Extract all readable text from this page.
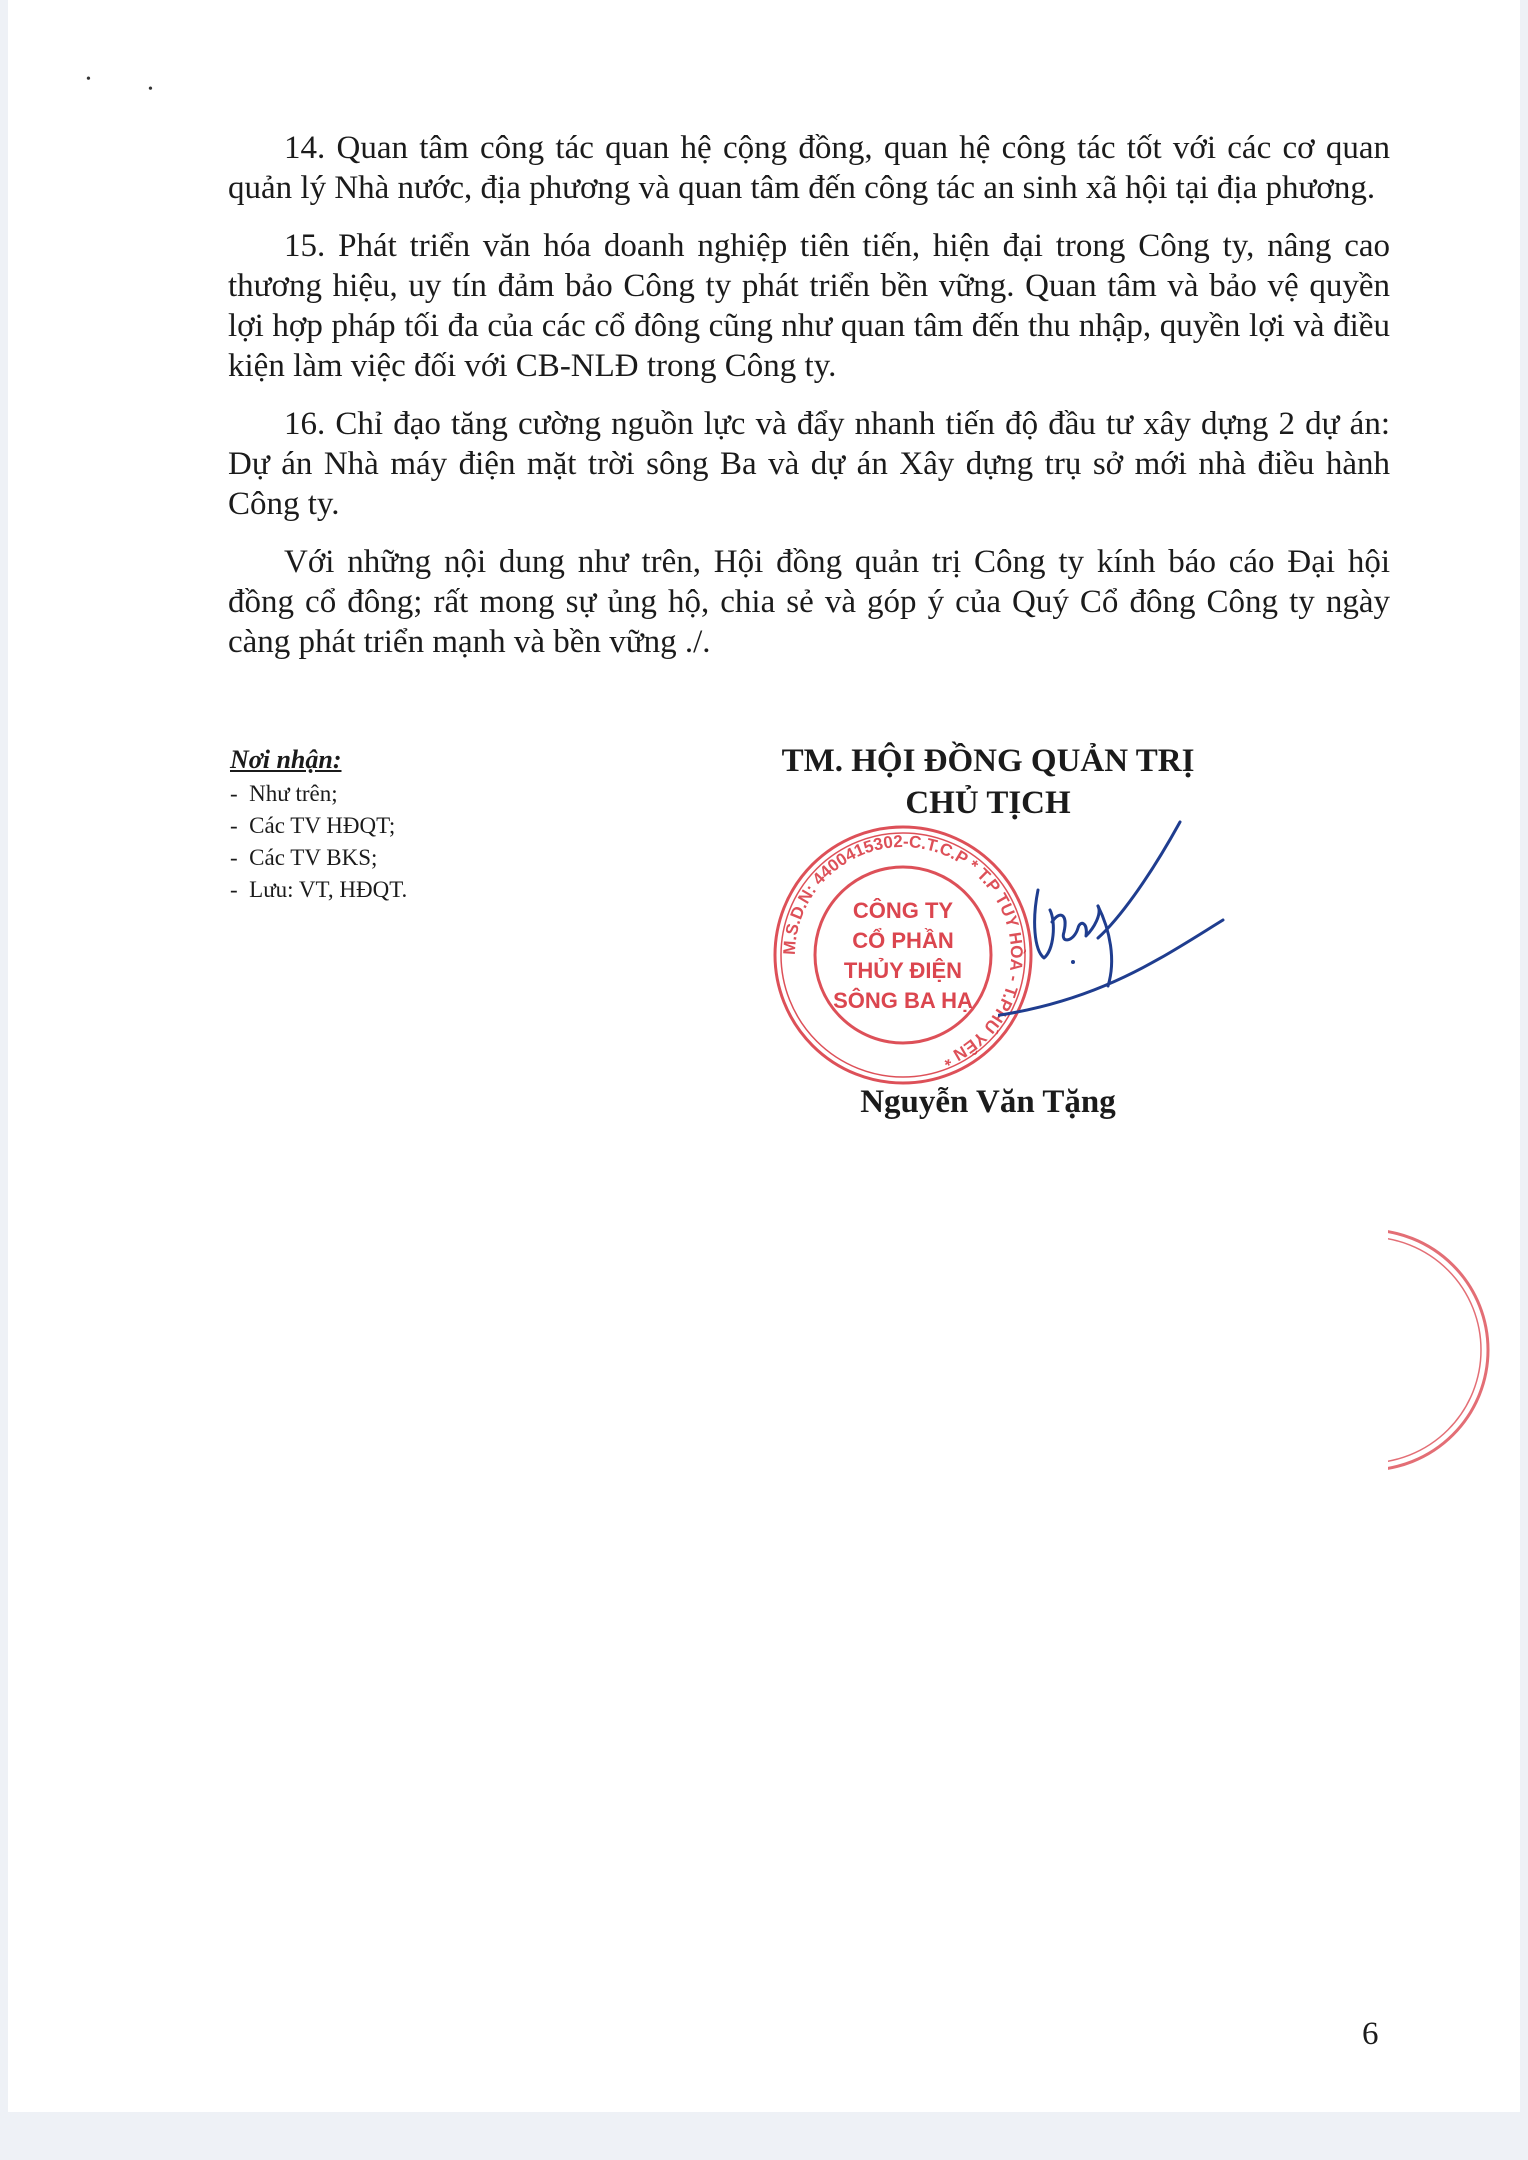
•
•

14. Quan tâm công tác quan hệ cộng đồng, quan hệ công tác tốt với các cơ quan quản lý Nhà nước, địa phương và quan tâm đến công tác an sinh xã hội tại địa phương.

15. Phát triển văn hóa doanh nghiệp tiên tiến, hiện đại trong Công ty, nâng cao thương hiệu, uy tín đảm bảo Công ty phát triển bền vững. Quan tâm và bảo vệ quyền lợi hợp pháp tối đa của các cổ đông cũng như quan tâm đến thu nhập, quyền lợi và điều kiện làm việc đối với CB-NLĐ trong Công ty.

16. Chỉ đạo tăng cường nguồn lực và đẩy nhanh tiến độ đầu tư xây dựng 2 dự án: Dự án Nhà máy điện mặt trời sông Ba và dự án Xây dựng trụ sở mới nhà điều hành Công ty.

Với những nội dung như trên, Hội đồng quản trị Công ty kính báo cáo Đại hội đồng cổ đông; rất mong sự ủng hộ, chia sẻ và góp ý của Quý Cổ đông Công ty ngày càng phát triển mạnh và bền vững ./.

Nơi nhận:
- Như trên;
- Các TV HĐQT;
- Các TV BKS;
- Lưu: VT, HĐQT.
TM. HỘI ĐỒNG QUẢN TRỊ
CHỦ TỊCH
M.S.D.N: 4400415302-C.T.C.P * T.P TUY HÒA - T.PHÚ YÊN *
CÔNG TY
CỔ PHẦN
THỦY ĐIỆN
SÔNG BA HẠ
Nguyễn Văn Tặng
6
